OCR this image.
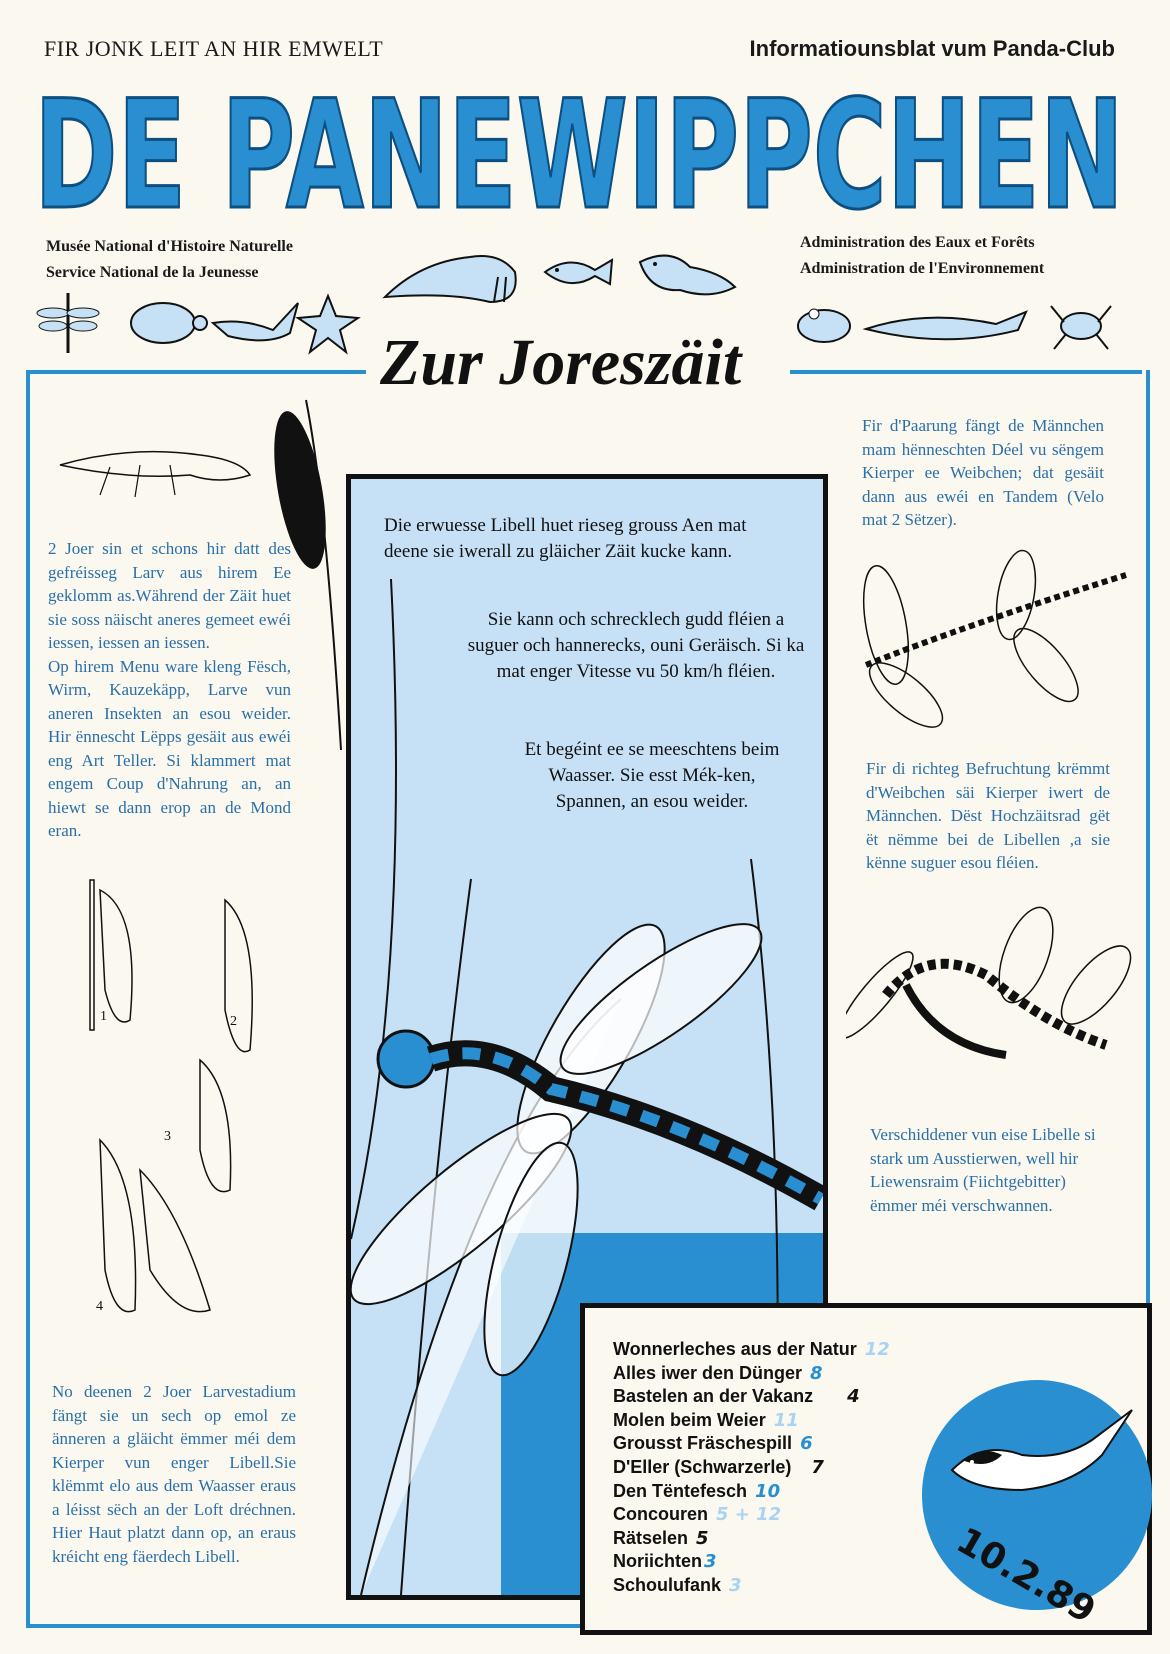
FIR JONK LEIT AN HIR EMWELT	Informatiounsblat vum Panda-Club
DE PANEWIPPCHEN
Musée National d'Histoire Naturelle
Service National de la Jeunesse
Administration des Eaux et Forêts
Administration de l'Environnement
Zur Joreszäit
2 Joer sin et schons hir datt des gefréisseg Larv aus hirem Ee geklomm as.Während der Zäit huet sie soss näischt aneres gemeet ewéi iessen, iessen an iessen.
Op hirem Menu ware kleng Fësch, Wirm, Kauzekäpp, Larve vun aneren Insekten an esou weider. Hir ënnescht Lëpps gesäit aus ewéi eng Art Teller. Si klammert mat engem Coup d'Nahrung an, an hiewt se dann erop an de Mond eran.
1	2
3
4
No deenen 2 Joer Larvestadium fängt sie un sech op emol ze änneren a gläicht ëmmer méi dem Kierper vun enger Libell.Sie klëmmt elo aus dem Waasser eraus a léisst sëch an der Loft dréchnen. Hier Haut platzt dann op, an eraus kréicht eng fäerdech Libell.
Die erwuesse Libell huet rieseg grouss Aen mat deene sie iwerall zu gläicher Zäit kucke kann.
Sie kann och schrecklech gudd fléien a suguer och hannerecks, ouni Geräisch. Si ka mat enger Vitesse vu 50 km/h fléien.
Et begéint ee se meeschtens beim Waasser. Sie esst Mék-ken, Spannen, an esou weider.
Fir d'Paarung fängt de Männchen mam hënneschten Déel vu sëngem Kierper ee Weibchen; dat gesäit dann aus ewéi en Tandem (Velo mat 2 Sëtzer).
Fir di richteg Befruchtung krëmmt d'Weibchen säi Kierper iwert de Männchen. Dëst Hochzäitsrad gët ët nëmme bei de Libellen ,a sie kënne suguer esou fléien.
Verschiddener vun eise Libelle si stark um Ausstierwen, well hir Liewensraim (Fiichtgebitter) ëmmer méi verschwannen.
Wonnerleches aus der Natur 12
Alles iwer den Dünger 8
Bastelen an der Vakanz 4
Molen beim Weier 11
Grousst Fräschespill 6
D'Eller (Schwarzerle) 7
Den Tëntefesch 10
Concouren 5 + 12
Rätselen 5
Noriichten 3
Schoulufank 3	10.2.89
